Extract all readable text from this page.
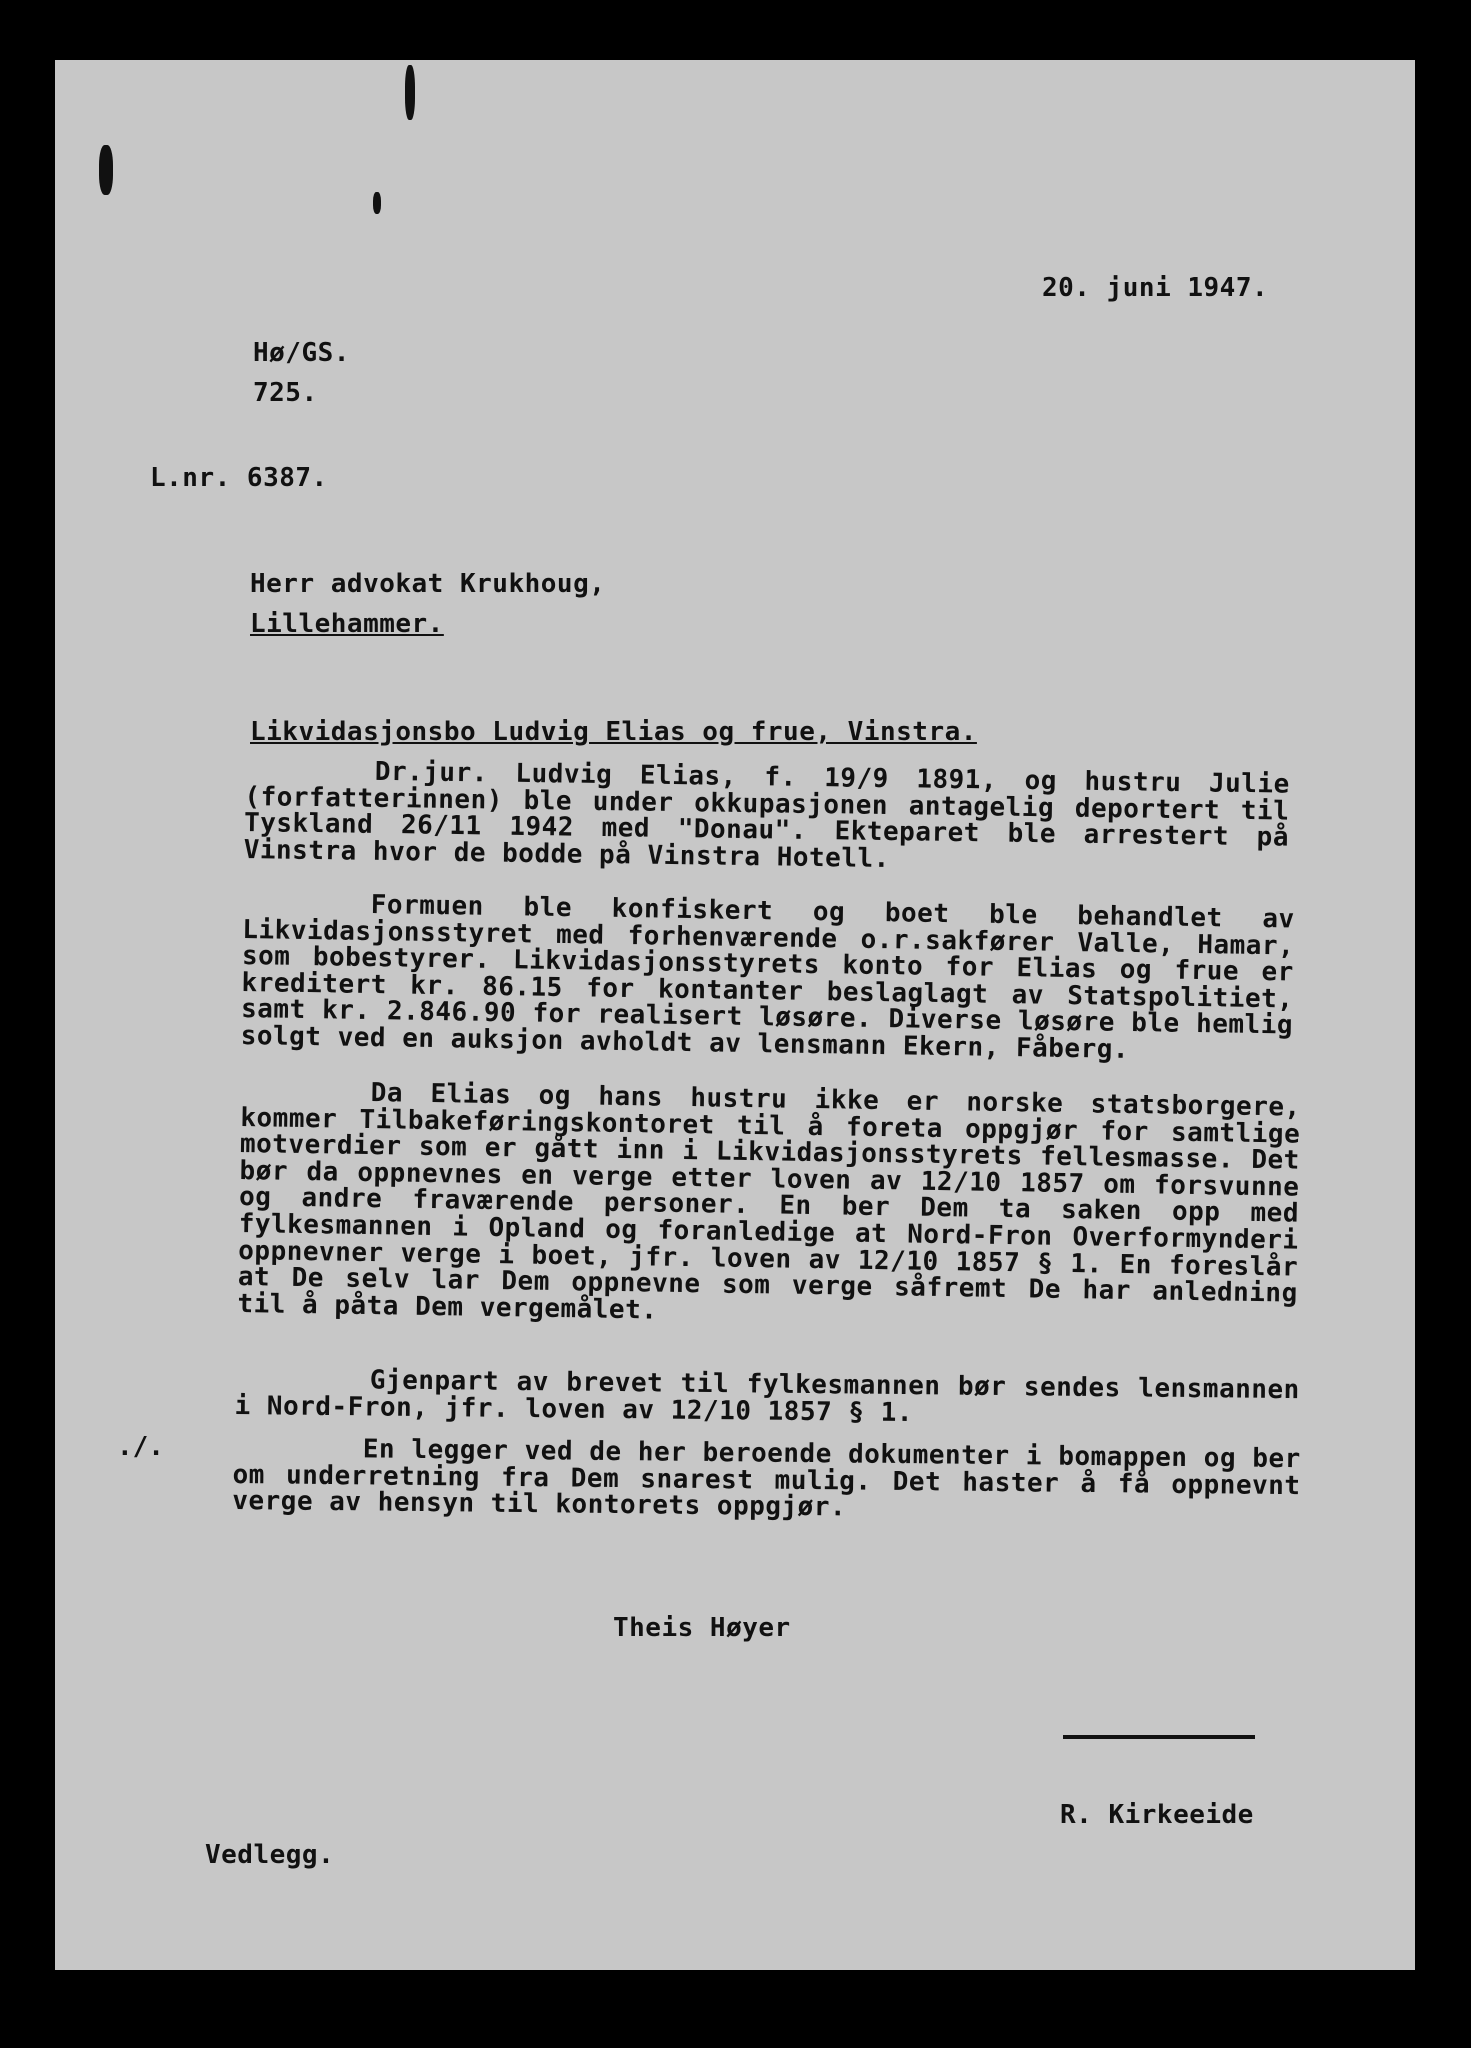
20. juni 1947.
Hø/GS.
725.
L.nr. 6387.
Herr advokat Krukhoug,
Lillehammer.
Likvidasjonsbo Ludvig Elias og frue, Vinstra.
Dr.jur. Ludvig Elias, f. 19/9 1891, og hustru Julie (forfatterinnen) ble under okkupasjonen antagelig deportert til Tyskland 26/11 1942 med "Donau". Ekteparet ble arrestert på Vinstra hvor de bodde på Vinstra Hotell.
Formuen ble konfiskert og boet ble behandlet av Likvidasjonsstyret med forhenværende o.r.sakfører Valle, Hamar, som bobestyrer. Likvidasjonsstyrets konto for Elias og frue er kreditert kr. 86.15 for kontanter beslaglagt av Statspolitiet, samt kr. 2.846.90 for realisert løsøre. Diverse løsøre ble hemlig solgt ved en auksjon avholdt av lensmann Ekern, Fåberg.
Da Elias og hans hustru ikke er norske statsborgere, kommer Tilbakeføringskontoret til å foreta oppgjør for samtlige motverdier som er gått inn i Likvidasjonsstyrets fellesmasse. Det bør da oppnevnes en verge etter loven av 12/10 1857 om forsvunne og andre fraværende personer. En ber Dem ta saken opp med fylkesmannen i Opland og foranledige at Nord-Fron Overformynderi oppnevner verge i boet, jfr. loven av 12/10 1857 § 1. En foreslår at De selv lar Dem oppnevne som verge såfremt De har anledning til å påta Dem vergemålet.
Gjenpart av brevet til fylkesmannen bør sendes lensmannen i Nord-Fron, jfr. loven av 12/10 1857 § 1.
./.	En legger ved de her beroende dokumenter i bomappen og ber om underretning fra Dem snarest mulig. Det haster å få oppnevnt verge av hensyn til kontorets oppgjør.
Theis Høyer
R. Kirkeeide
Vedlegg.
